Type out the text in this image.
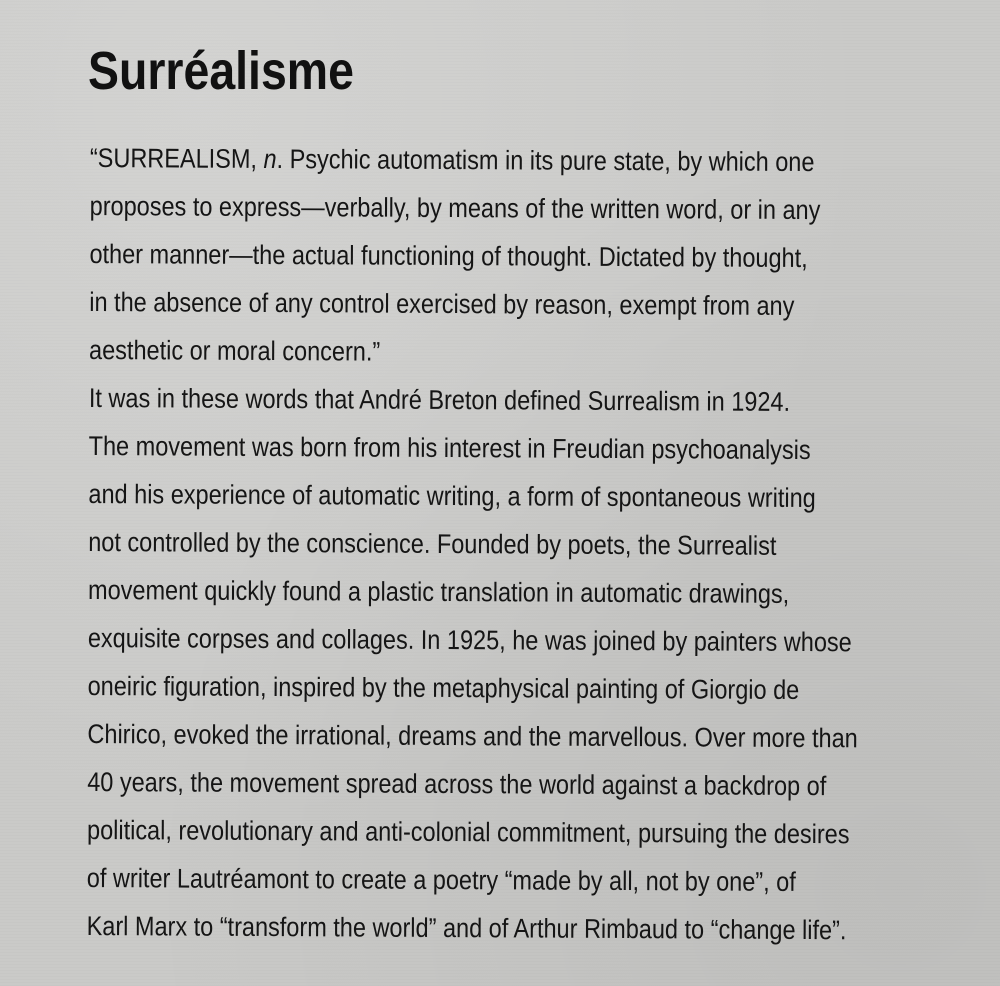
Surréalisme
“SURREALISM, n. Psychic automatism in its pure state, by which one
proposes to express—verbally, by means of the written word, or in any
other manner—the actual functioning of thought. Dictated by thought,
in the absence of any control exercised by reason, exempt from any
aesthetic or moral concern.”
It was in these words that André Breton defined Surrealism in 1924.
The movement was born from his interest in Freudian psychoanalysis
and his experience of automatic writing, a form of spontaneous writing
not controlled by the conscience. Founded by poets, the Surrealist
movement quickly found a plastic translation in automatic drawings,
exquisite corpses and collages. In 1925, he was joined by painters whose
oneiric figuration, inspired by the metaphysical painting of Giorgio de
Chirico, evoked the irrational, dreams and the marvellous. Over more than
40 years, the movement spread across the world against a backdrop of
political, revolutionary and anti-colonial commitment, pursuing the desires
of writer Lautréamont to create a poetry “made by all, not by one”, of
Karl Marx to “transform the world” and of Arthur Rimbaud to “change life”.
